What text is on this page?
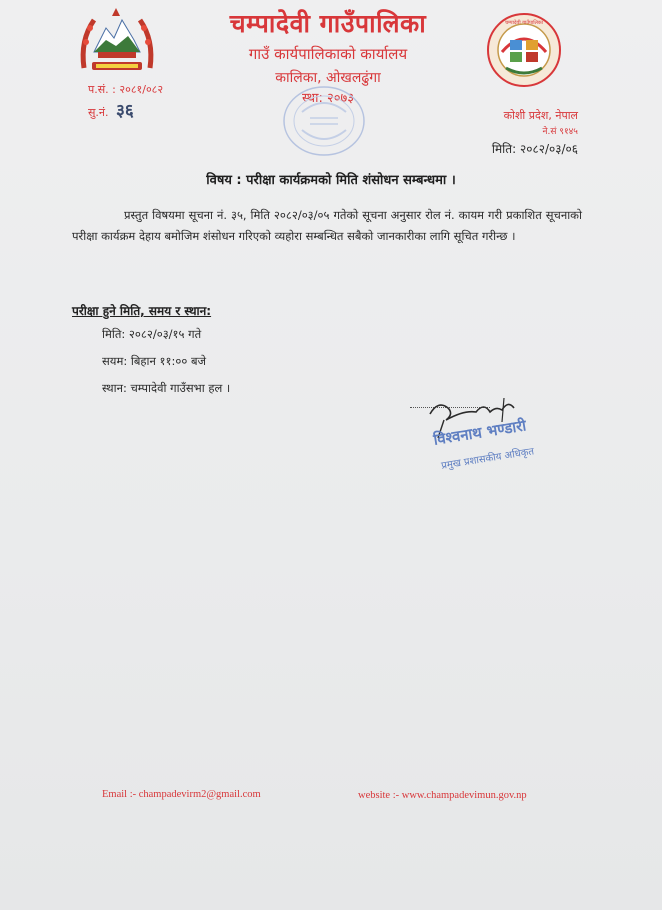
चम्पादेवी गाउँपालिका
गाउँ कार्यपालिकाको कार्यालय
कालिका, ओखलढुंगा
स्था: २०७३
चम्पादेवी गाउँपालिका
प.सं. : २०८१/०८२
सु.नं. ३६	कोशी प्रदेश, नेपाल
ने.सं ९१४५
मिति: २०८२/०३/०६
विषय : परीक्षा कार्यक्रमको मिति शंसोधन सम्बन्धमा ।
प्रस्तुत विषयमा सूचना नं. ३५, मिति २०८२/०३/०५ गतेको सूचना अनुसार रोल नं. कायम गरी प्रकाशित सूचनाको परीक्षा कार्यक्रम देहाय बमोजिम शंसोधन गरिएको व्यहोरा सम्बन्धित सबैको जानकारीका लागि सूचित गरीन्छ ।
परीक्षा हुने मिति, समय र स्थान:
मिति: २०८२/०३/१५ गते
सयम: बिहान ११:०० बजे
स्थान: चम्पादेवी गाउँसभा हल ।
विश्वनाथ भण्डारी
प्रमुख प्रशासकीय अधिकृत
Email :- champadevirm2@gmail.com	website :- www.champadevimun.gov.np
